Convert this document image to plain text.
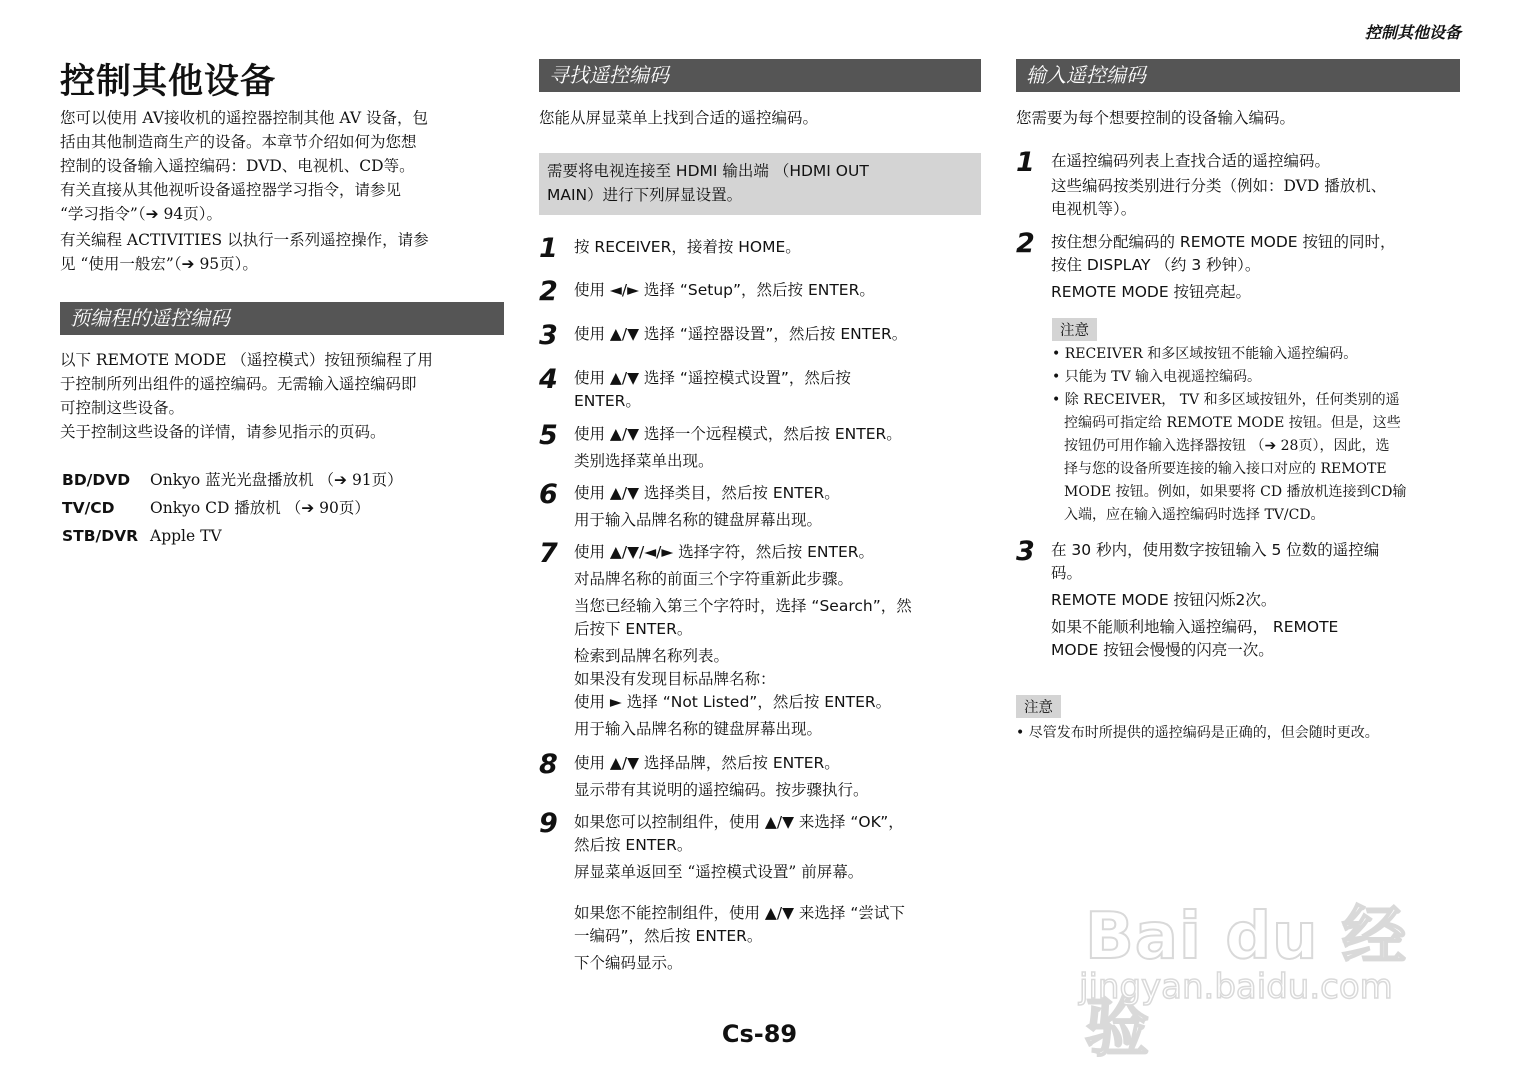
控制其他设备
控制其他设备

您可以使用 AV接收机的遥控器控制其他 AV 设备，包

括由其他制造商生产的设备。本章节介绍如何为您想

控制的设备输入遥控编码：DVD、电视机、CD等。

有关直接从其他视听设备遥控器学习指令，请参见

“学习指令”（➔ 94页）。

有关编程 ACTIVITIES 以执行一系列遥控操作，请参

见 “使用一般宏”（➔ 95页）。

预编程的遥控编码

以下 REMOTE MODE （遥控模式）按钮预编程了用

于控制所列出组件的遥控编码。无需输入遥控编码即

可控制这些设备。

关于控制这些设备的详情，请参见指示的页码。

BD/DVD Onkyo 蓝光光盘播放机 （➔ 91页）
TV/CD Onkyo CD 播放机 （➔ 90页）
STB/DVR Apple TV
寻找遥控编码
您能从屏显菜单上找到合适的遥控编码。
需要将电视连接至 HDMI 输出端 （HDMI OUT
MAIN）进行下列屏显设置。
1 按 RECEIVER，接着按 HOME。
2 使用 ◄/► 选择 “Setup”，然后按 ENTER。
3 使用 ▲/▼ 选择 “遥控器设置”，然后按 ENTER。
4 使用 ▲/▼ 选择 “遥控模式设置”，然后按
ENTER。
5 使用 ▲/▼ 选择一个远程模式，然后按 ENTER。
类别选择菜单出现。
6 使用 ▲/▼ 选择类目，然后按 ENTER。
用于输入品牌名称的键盘屏幕出现。
7 使用 ▲/▼/◄/► 选择字符，然后按 ENTER。
对品牌名称的前面三个字符重新此步骤。
当您已经输入第三个字符时，选择 “Search”，然
后按下 ENTER。
检索到品牌名称列表。
如果没有发现目标品牌名称：
使用 ► 选择 “Not Listed”，然后按 ENTER。
用于输入品牌名称的键盘屏幕出现。
8 使用 ▲/▼ 选择品牌，然后按 ENTER。
显示带有其说明的遥控编码。按步骤执行。
9 如果您可以控制组件，使用 ▲/▼ 来选择 “OK”，
然后按 ENTER。
屏显菜单返回至 “遥控模式设置” 前屏幕。
如果您不能控制组件，使用 ▲/▼ 来选择 “尝试下
一编码”，然后按 ENTER。
下个编码显示。
输入遥控编码
您需要为每个想要控制的设备输入编码。
1 在遥控编码列表上查找合适的遥控编码。
这些编码按类别进行分类（例如：DVD 播放机、
电视机等）。
2 按住想分配编码的 REMOTE MODE 按钮的同时，
按住 DISPLAY （约 3 秒钟）。
REMOTE MODE 按钮亮起。
注意
• RECEIVER 和多区域按钮不能输入遥控编码。
• 只能为 TV 输入电视遥控编码。
• 除 RECEIVER， TV 和多区域按钮外，任何类别的遥
控编码可指定给 REMOTE MODE 按钮。但是，这些
按钮仍可用作输入选择器按钮 （➔ 28页），因此，选
择与您的设备所要连接的输入接口对应的 REMOTE
MODE 按钮。例如，如果要将 CD 播放机连接到CD输
入端，应在输入遥控编码时选择 TV/CD。
3 在 30 秒内，使用数字按钮输入 5 位数的遥控编
码。
REMOTE MODE 按钮闪烁2次。
如果不能顺利地输入遥控编码， REMOTE
MODE 按钮会慢慢的闪亮一次。
注意
• 尽管发布时所提供的遥控编码是正确的，但会随时更改。
Cs-89
Bai du 经验
jingyan.baidu.com
